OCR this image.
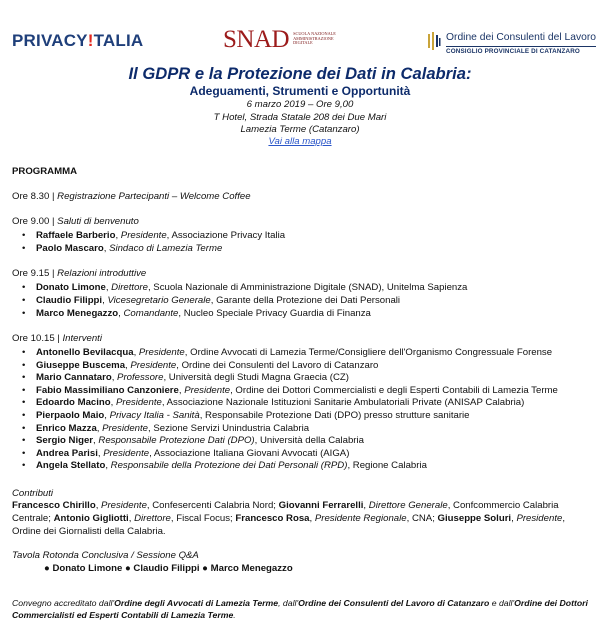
PRIVACY!TALIA	SNAD SCUOLA NAZIONALE AMMINISTRAZIONE DIGITALE	Ordine dei Consulenti del Lavoro
CONSIGLIO PROVINCIALE DI CATANZARO
Il GDPR e la Protezione dei Dati in Calabria:
Adeguamenti, Strumenti e Opportunità
6 marzo 2019 – Ore 9,00
T Hotel, Strada Statale 208 dei Due Mari
Lamezia Terme (Catanzaro)
Vai alla mappa
PROGRAMMA
Ore 8.30 | Registrazione Partecipanti – Welcome Coffee
Ore 9.00 | Saluti di benvenuto
• Raffaele Barberio, Presidente, Associazione Privacy Italia
• Paolo Mascaro, Sindaco di Lamezia Terme
Ore 9.15 | Relazioni introduttive
• Donato Limone, Direttore, Scuola Nazionale di Amministrazione Digitale (SNAD), Unitelma Sapienza
• Claudio Filippi, Vicesegretario Generale, Garante della Protezione dei Dati Personali
• Marco Menegazzo, Comandante, Nucleo Speciale Privacy Guardia di Finanza
Ore 10.15 | Interventi
• Antonello Bevilacqua, Presidente, Ordine Avvocati di Lamezia Terme/Consigliere dell'Organismo Congressuale Forense
• Giuseppe Buscema, Presidente, Ordine dei Consulenti del Lavoro di Catanzaro
• Mario Cannataro, Professore, Università degli Studi Magna Graecia (CZ)
• Fabio Massimiliano Canzoniere, Presidente, Ordine dei Dottori Commercialisti e degli Esperti Contabili di Lamezia Terme
• Edoardo Macino, Presidente, Associazione Nazionale Istituzioni Sanitarie Ambulatoriali Private (ANISAP Calabria)
• Pierpaolo Maio, Privacy Italia - Sanità, Responsabile Protezione Dati (DPO) presso strutture sanitarie
• Enrico Mazza, Presidente, Sezione Servizi Unindustria Calabria
• Sergio Niger, Responsabile Protezione Dati (DPO), Università della Calabria
• Andrea Parisi, Presidente, Associazione Italiana Giovani Avvocati (AIGA)
• Angela Stellato, Responsabile della Protezione dei Dati Personali (RPD), Regione Calabria
Contributi

Francesco Chirillo, Presidente, Confesercenti Calabria Nord; Giovanni Ferrarelli, Direttore Generale, Confcommercio Calabria Centrale; Antonio Gigliotti, Direttore, Fiscal Focus; Francesco Rosa, Presidente Regionale, CNA; Giuseppe Soluri, Presidente, Ordine dei Giornalisti della Calabria.

Tavola Rotonda Conclusiva / Sessione Q&A
● Donato Limone ● Claudio Filippi ● Marco Menegazzo
Convegno accreditato dall'Ordine degli Avvocati di Lamezia Terme, dall'Ordine dei Consulenti del Lavoro di Catanzaro e dall'Ordine dei Dottori Commercialisti ed Esperti Contabili di Lamezia Terme.
